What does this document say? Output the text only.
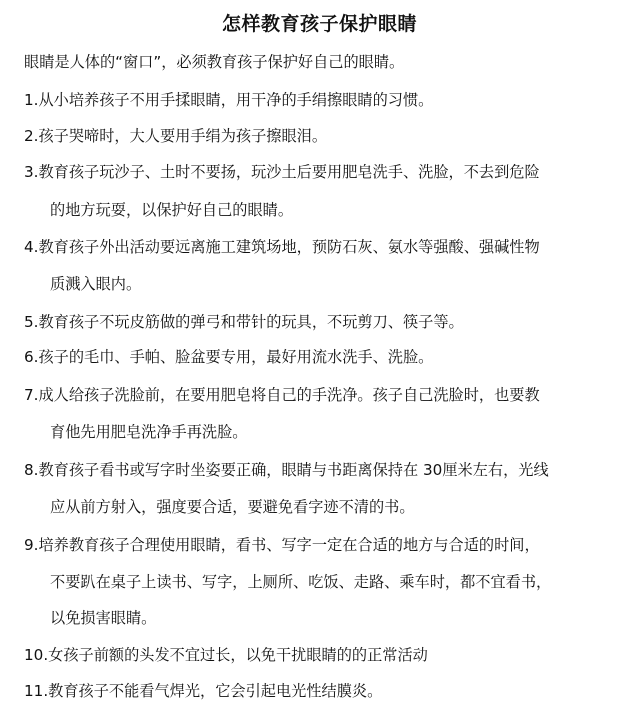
怎样教育孩子保护眼睛
眼睛是人体的“窗口”，必须教育孩子保护好自己的眼睛。
1.从小培养孩子不用手揉眼睛，用干净的手绢擦眼睛的习惯。
2.孩子哭啼时，大人要用手绢为孩子擦眼泪。
3.教育孩子玩沙子、土时不要扬，玩沙土后要用肥皂洗手、洗脸，不去到危险
的地方玩耍，以保护好自己的眼睛。
4.教育孩子外出活动要远离施工建筑场地，预防石灰、氨水等强酸、强碱性物
质溅入眼内。
5.教育孩子不玩皮筋做的弹弓和带针的玩具，不玩剪刀、筷子等。
6.孩子的毛巾、手帕、脸盆要专用，最好用流水洗手、洗脸。
7.成人给孩子洗脸前，在要用肥皂将自己的手洗净。孩子自己洗脸时，也要教
育他先用肥皂洗净手再洗脸。
8.教育孩子看书或写字时坐姿要正确，眼睛与书距离保持在 30厘米左右，光线
应从前方射入，强度要合适，要避免看字迹不清的书。
9.培养教育孩子合理使用眼睛，看书、写字一定在合适的地方与合适的时间，
不要趴在桌子上读书、写字，上厕所、吃饭、走路、乘车时，都不宜看书，
以免损害眼睛。
10.女孩子前额的头发不宜过长，以免干扰眼睛的的正常活动
11.教育孩子不能看气焊光，它会引起电光性结膜炎。
